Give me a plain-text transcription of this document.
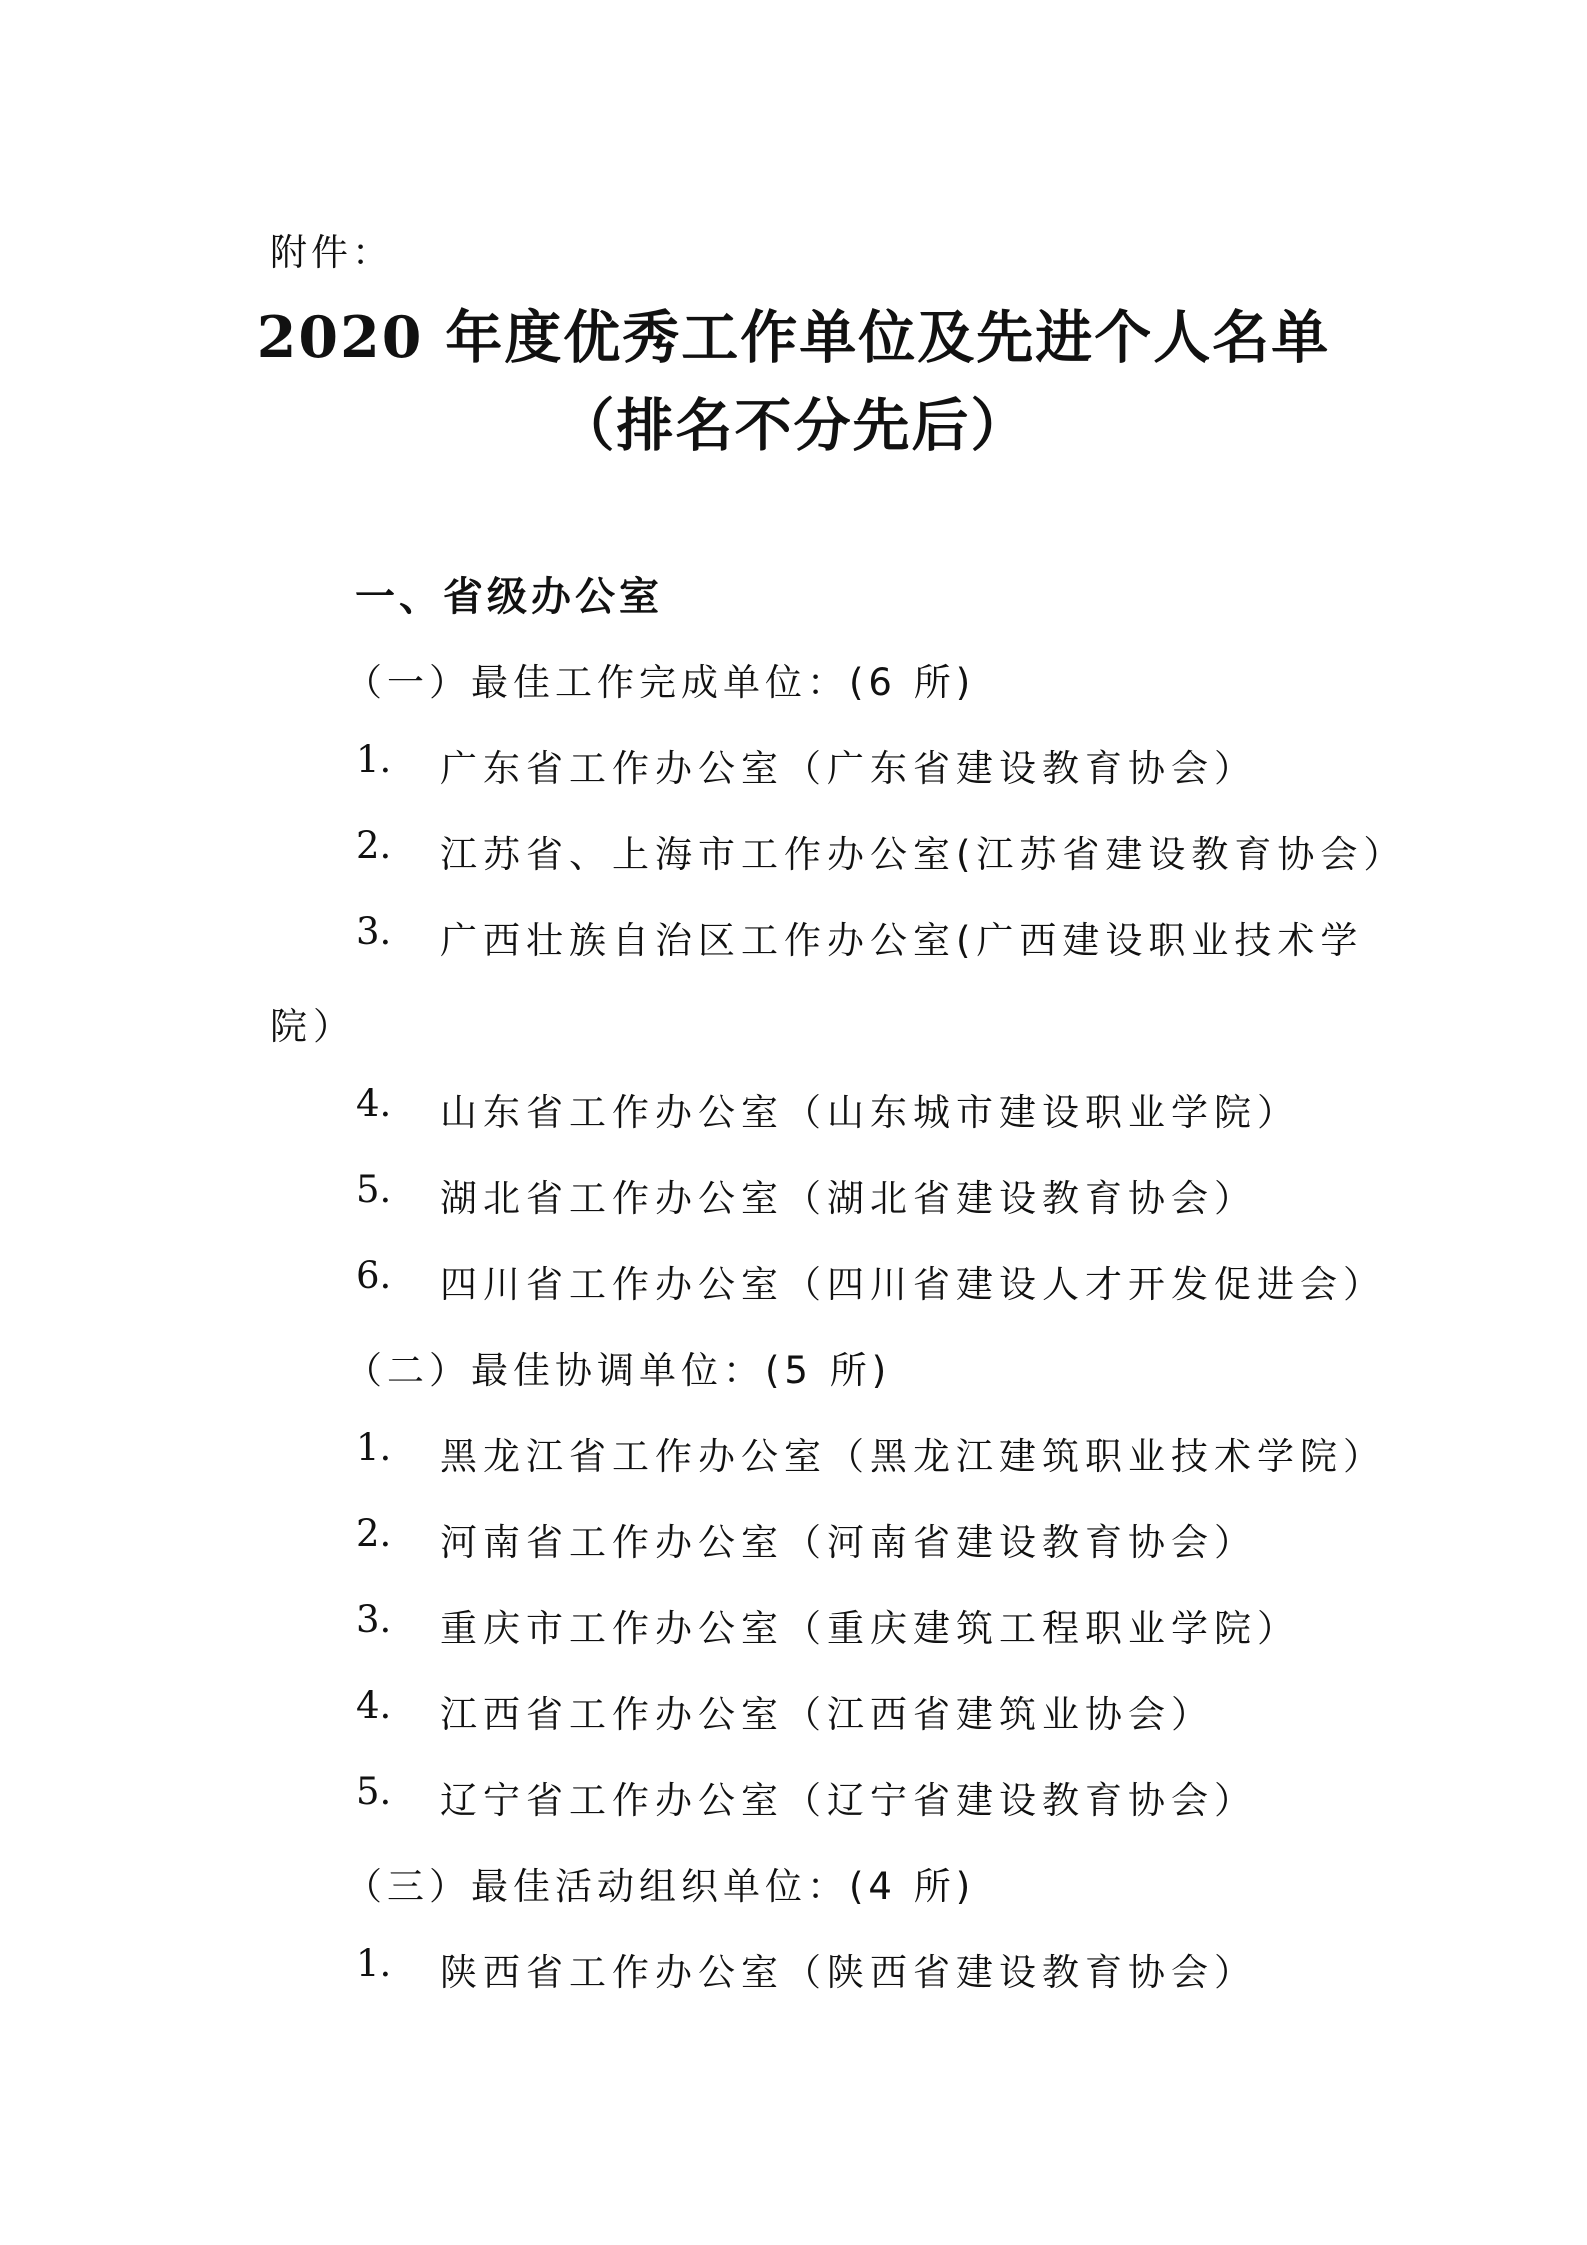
附件：
2020 年度优秀工作单位及先进个人名单
（排名不分先后）
一、省级办公室
（一）最佳工作完成单位：(6 所)
1. 广东省工作办公室（广东省建设教育协会）
2. 江苏省、上海市工作办公室(江苏省建设教育协会）
3. 广西壮族自治区工作办公室(广西建设职业技术学
院）
4. 山东省工作办公室（山东城市建设职业学院）
5. 湖北省工作办公室（湖北省建设教育协会）
6. 四川省工作办公室（四川省建设人才开发促进会）
（二）最佳协调单位：(5 所)
1. 黑龙江省工作办公室（黑龙江建筑职业技术学院）
2. 河南省工作办公室（河南省建设教育协会）
3. 重庆市工作办公室（重庆建筑工程职业学院）
4. 江西省工作办公室（江西省建筑业协会）
5. 辽宁省工作办公室（辽宁省建设教育协会）
（三）最佳活动组织单位：(4 所)
1. 陕西省工作办公室（陕西省建设教育协会）
